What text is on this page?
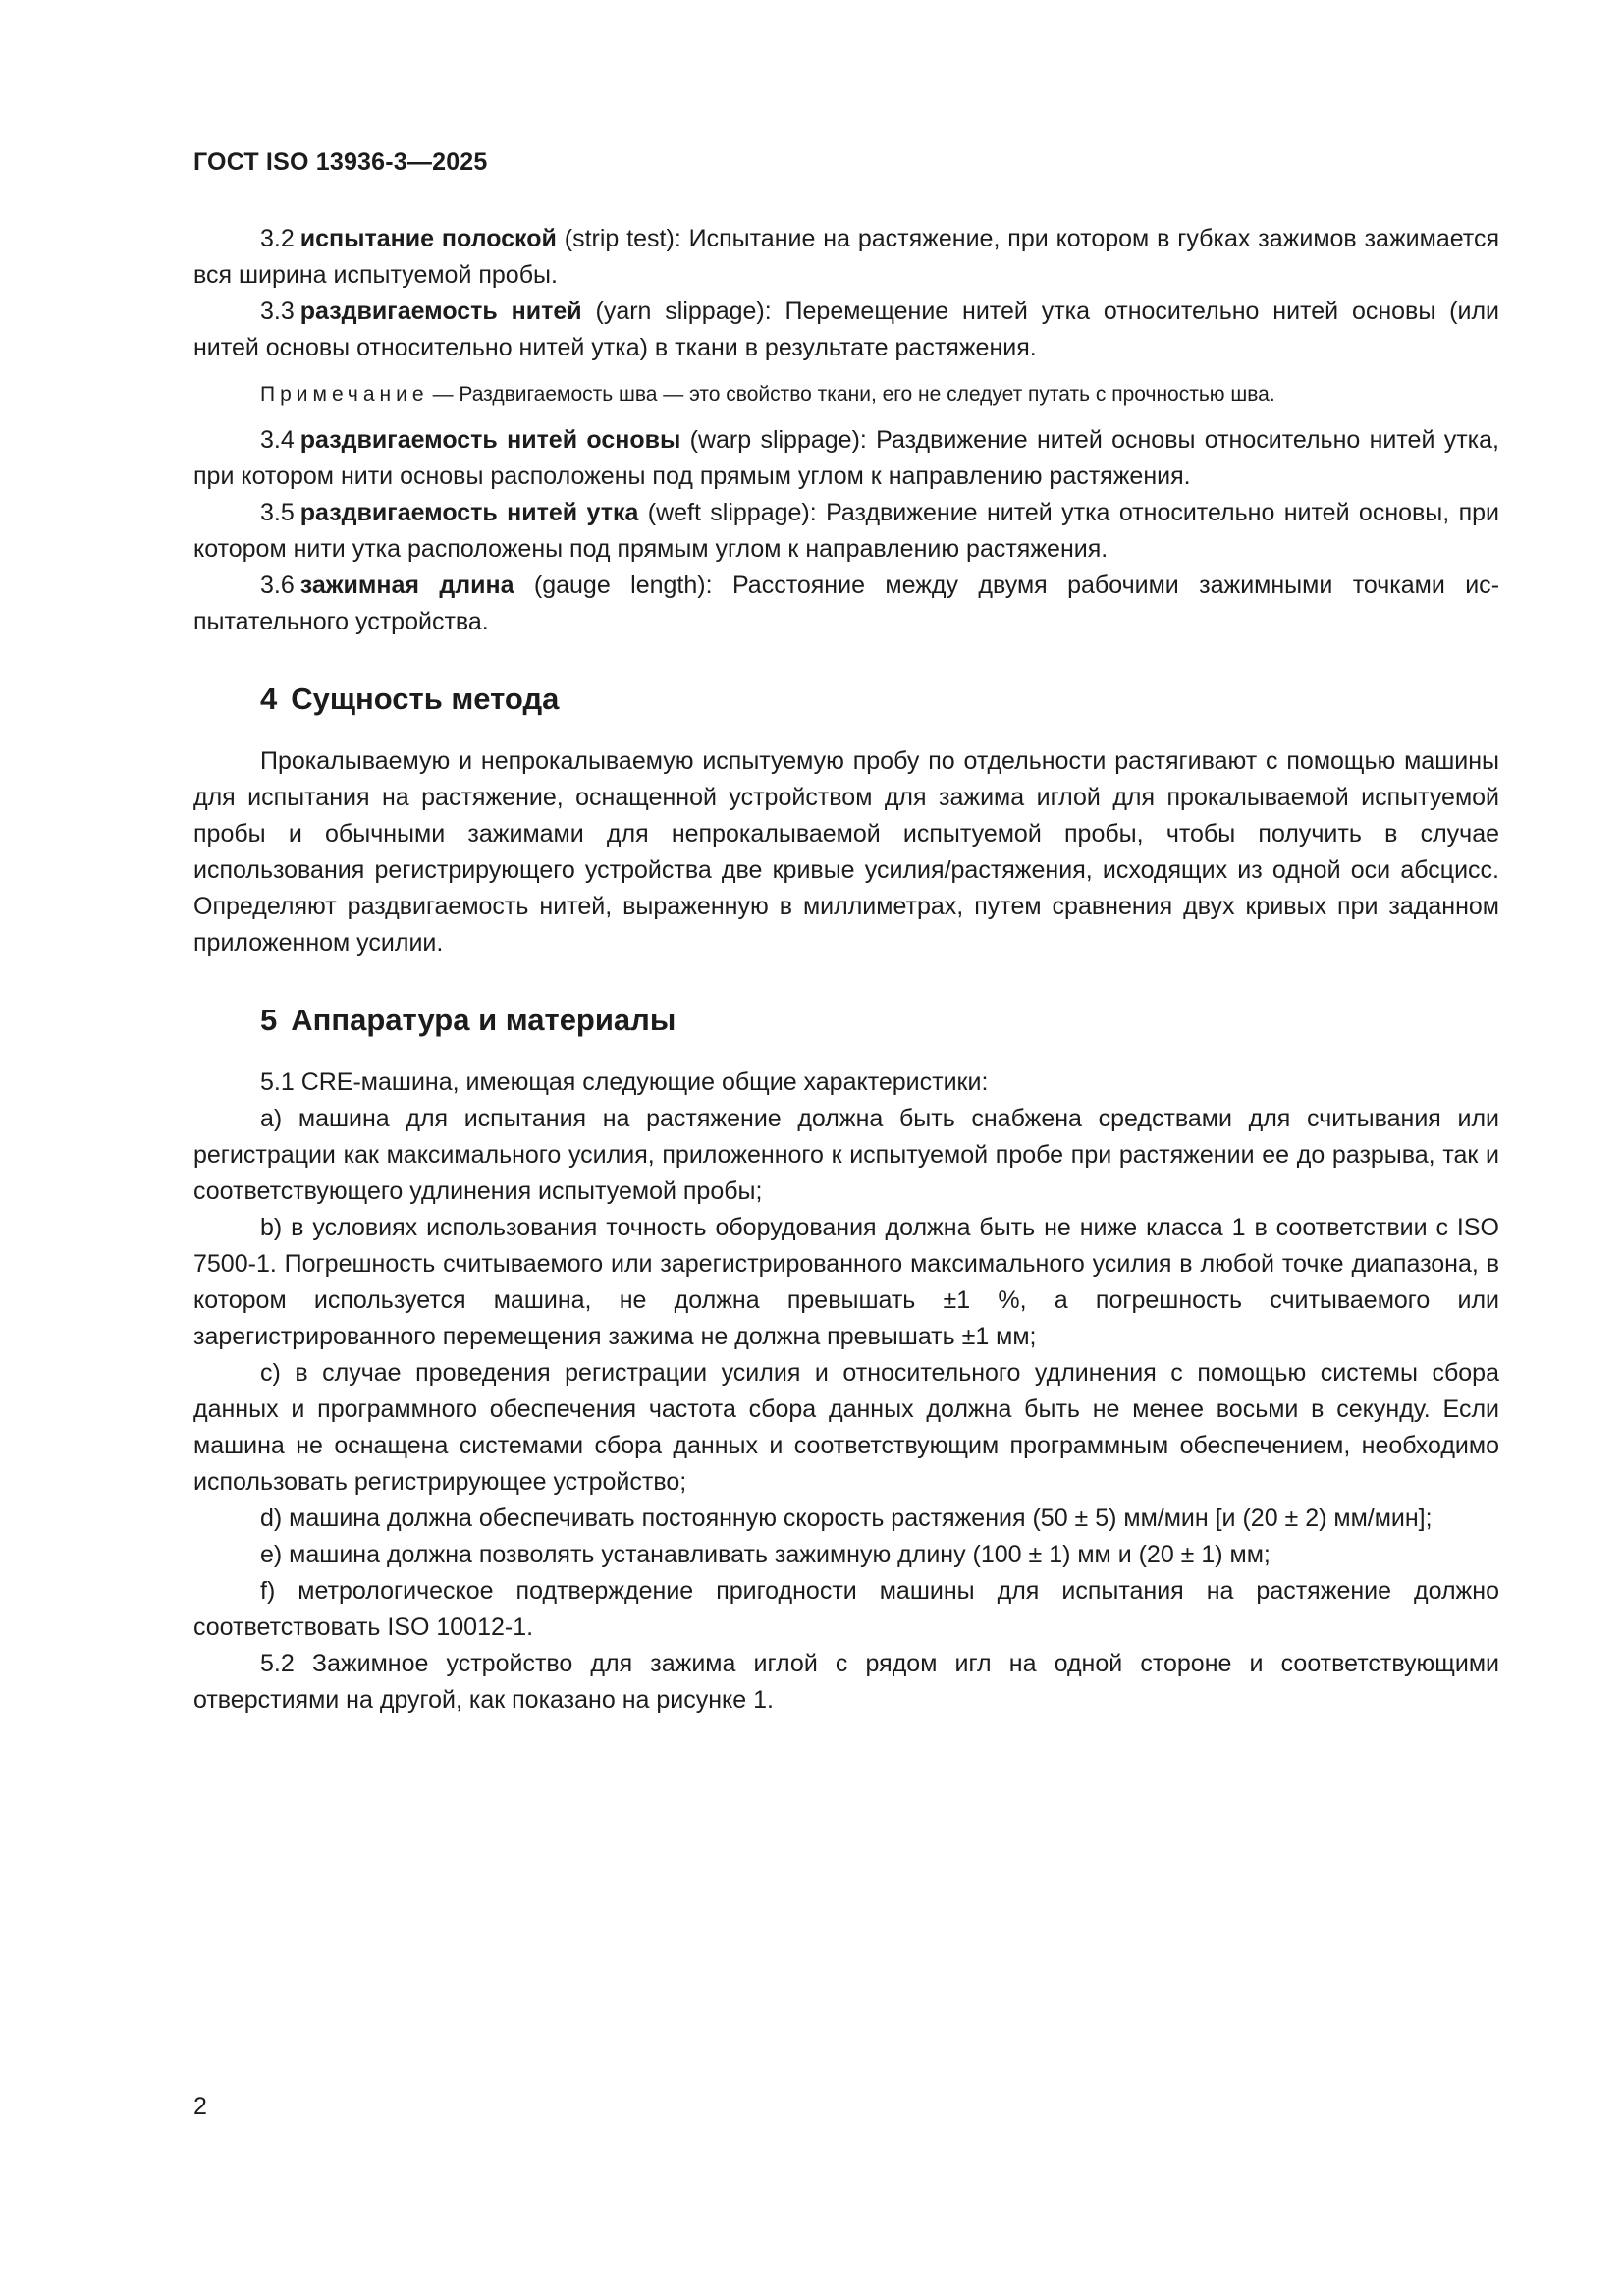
ГОСТ ISO 13936-3—2025

3.2 испытание полоской (strip test): Испытание на растяжение, при котором в губках зажимов зажимается вся ширина испытуемой пробы.

3.3 раздвигаемость нитей (yarn slippage): Перемещение нитей утка относительно нитей основы (или нитей основы относительно нитей утка) в ткани в результате растяжения.

Примечание — Раздвигаемость шва — это свойство ткани, его не следует путать с прочностью шва.

3.4 раздвигаемость нитей основы (warp slippage): Раздвижение нитей основы относительно нитей утка, при котором нити основы расположены под прямым углом к направлению растяжения.

3.5 раздвигаемость нитей утка (weft slippage): Раздвижение нитей утка относительно нитей основы, при котором нити утка расположены под прямым углом к направлению растяжения.

3.6 зажимная длина (gauge length): Расстояние между двумя рабочими зажимными точками испытательного устройства.

4 Сущность метода

Прокалываемую и непрокалываемую испытуемую пробу по отдельности растягивают с помощью машины для испытания на растяжение, оснащенной устройством для зажима иглой для прокалываемой испытуемой пробы и обычными зажимами для непрокалываемой испытуемой пробы, чтобы получить в случае использования регистрирующего устройства две кривые усилия/растяжения, исходящих из одной оси абсцисс. Определяют раздвигаемость нитей, выраженную в миллиметрах, путем сравнения двух кривых при заданном приложенном усилии.

5 Аппаратура и материалы

5.1 CRE-машина, имеющая следующие общие характеристики:

a) машина для испытания на растяжение должна быть снабжена средствами для считывания или регистрации как максимального усилия, приложенного к испытуемой пробе при растяжении ее до разрыва, так и соответствующего удлинения испытуемой пробы;

b) в условиях использования точность оборудования должна быть не ниже класса 1 в соответствии с ISO 7500-1. Погрешность считываемого или зарегистрированного максимального усилия в любой точке диапазона, в котором используется машина, не должна превышать ±1 %, а погрешность считываемого или зарегистрированного перемещения зажима не должна превышать ±1 мм;

c) в случае проведения регистрации усилия и относительного удлинения с помощью системы сбора данных и программного обеспечения частота сбора данных должна быть не менее восьми в секунду. Если машина не оснащена системами сбора данных и соответствующим программным обеспечением, необходимо использовать регистрирующее устройство;

d) машина должна обеспечивать постоянную скорость растяжения (50 ± 5) мм/мин [и (20 ± 2) мм/мин];

e) машина должна позволять устанавливать зажимную длину (100 ± 1) мм и (20 ± 1) мм;

f) метрологическое подтверждение пригодности машины для испытания на растяжение должно соответствовать ISO 10012-1.

5.2 Зажимное устройство для зажима иглой с рядом игл на одной стороне и соответствующими отверстиями на другой, как показано на рисунке 1.

2
